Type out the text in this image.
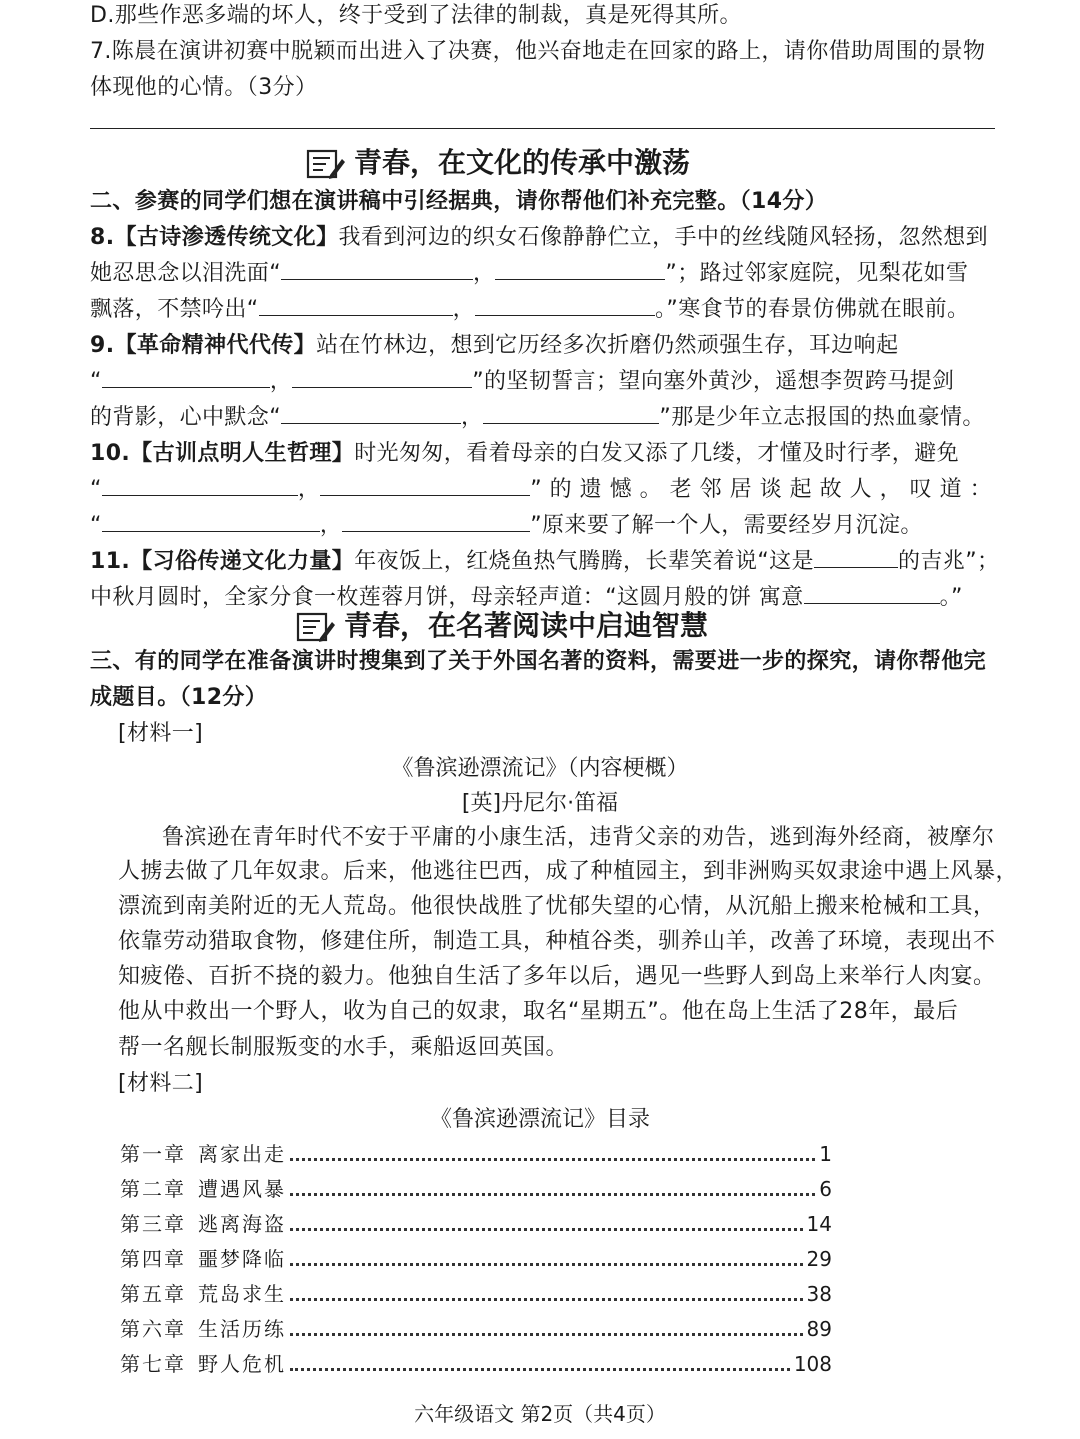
D.那些作恶多端的坏人，终于受到了法律的制裁，真是死得其所。
7.陈晨在演讲初赛中脱颖而出进入了决赛，他兴奋地走在回家的路上，请你借助周围的景物
体现他的心情。（3分）
青春，在文化的传承中激荡
二、参赛的同学们想在演讲稿中引经据典，请你帮他们补充完整。（14分）
8.【古诗渗透传统文化】我看到河边的织女石像静静伫立，手中的丝线随风轻扬，忽然想到
她忍思念以泪洗面“	，	”；路过邻家庭院，见梨花如雪
飘落，不禁吟出“	，	。”寒食节的春景仿佛就在眼前。
9.【革命精神代代传】站在竹林边，想到它历经多次折磨仍然顽强生存，耳边响起
“	，	”的坚韧誓言；望向塞外黄沙，遥想李贺跨马提剑
的背影，心中默念“	，	”那是少年立志报国的热血豪情。
10.【古训点明人生哲理】时光匆匆，看着母亲的白发又添了几缕，才懂及时行孝，避免
“	，	”的遗憾。老邻居谈起故人，叹道：
“	，	”原来要了解一个人，需要经岁月沉淀。
11.【习俗传递文化力量】年夜饭上，红烧鱼热气腾腾，长辈笑着说“这是	的吉兆”；
中秋月圆时，全家分食一枚莲蓉月饼，母亲轻声道：“这圆月般的饼 寓意	。”
青春，在名著阅读中启迪智慧
三、有的同学在准备演讲时搜集到了关于外国名著的资料，需要进一步的探究，请你帮他完
成题目。（12分）
[材料一]
《鲁滨逊漂流记》（内容梗概）
[英]丹尼尔·笛福
鲁滨逊在青年时代不安于平庸的小康生活，违背父亲的劝告，逃到海外经商，被摩尔
人掳去做了几年奴隶。后来，他逃往巴西，成了种植园主，到非洲购买奴隶途中遇上风暴，
漂流到南美附近的无人荒岛。他很快战胜了忧郁失望的心情，从沉船上搬来枪械和工具，
依靠劳动猎取食物，修建住所，制造工具，种植谷类，驯养山羊，改善了环境，表现出不
知疲倦、百折不挠的毅力。他独自生活了多年以后，遇见一些野人到岛上来举行人肉宴。
他从中救出一个野人，收为自己的奴隶，取名“星期五”。他在岛上生活了28年，最后
帮一名舰长制服叛变的水手，乘船返回英国。
[材料二]
《鲁滨逊漂流记》目录
第一章 离家出走	1
第二章 遭遇风暴	6
第三章 逃离海盗	14
第四章 噩梦降临	29
第五章 荒岛求生	38
第六章 生活历练	89
第七章 野人危机	108
六年级语文 第2页（共4页）
